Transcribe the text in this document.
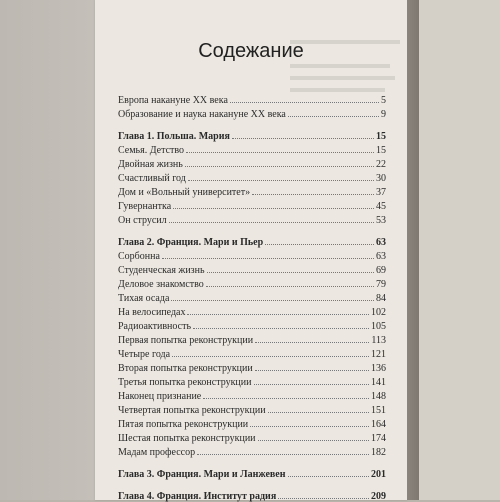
Содежание
Европа накануне XX века	5
Образование и наука накануне XX века	9
Глава 1. Польша. Мария	15
Семья. Детство	15
Двойная жизнь	22
Счастливый год	30
Дом и «Вольный университет»	37
Гувернантка	45
Он струсил	53
Глава 2. Франция. Мари и Пьер	63
Сорбонна	63
Студенческая жизнь	69
Деловое знакомство	79
Тихая осада	84
На велосипедах	102
Радиоактивность	105
Первая попытка реконструкции	113
Четыре года	121
Вторая попытка реконструкции	136
Третья попытка реконструкции	141
Наконец признание	148
Четвертая попытка реконструкции	151
Пятая попытка реконструкции	164
Шестая попытка реконструкции	174
Мадам профессор	182
Глава 3. Франция. Мари и Ланжевен	201
Глава 4. Франция. Институт радия	209
